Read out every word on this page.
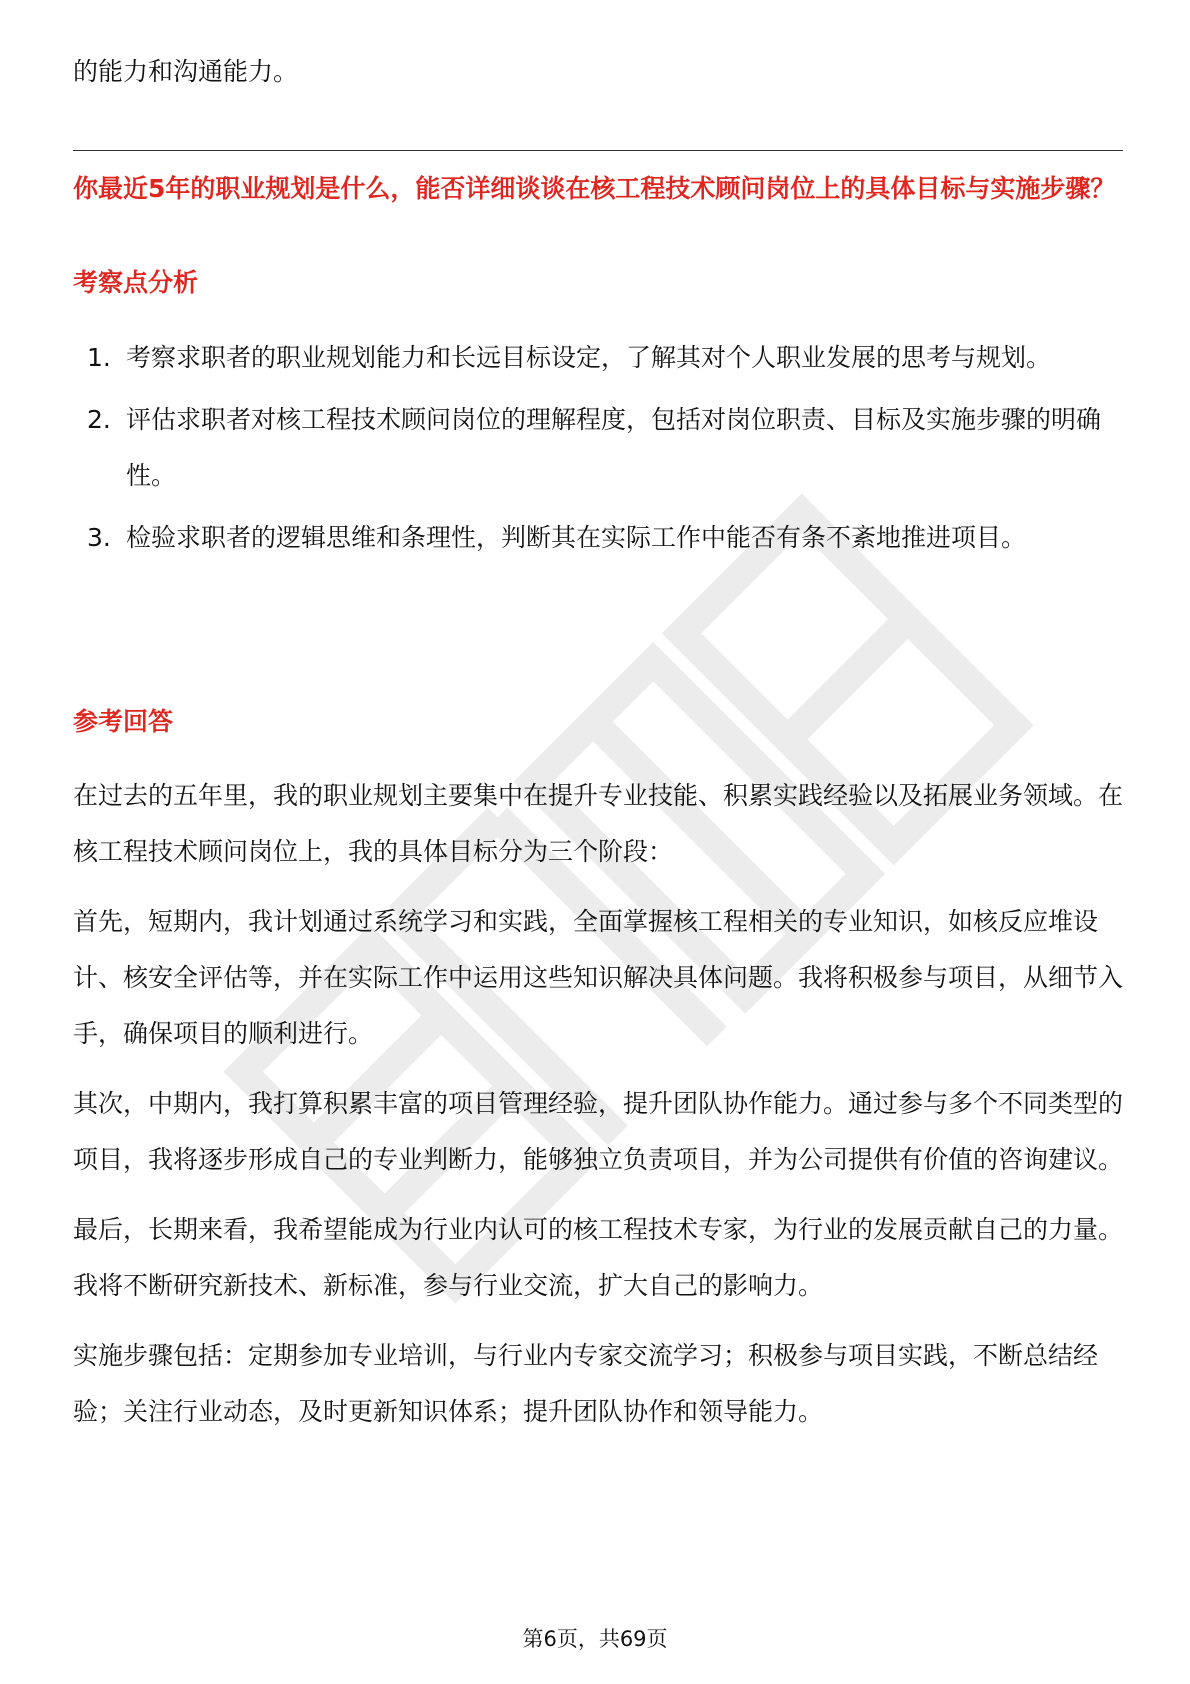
的能力和沟通能力。
你最近5年的职业规划是什么，能否详细谈谈在核工程技术顾问岗位上的具体目标与实施步骤？
考察点分析
1. 考察求职者的职业规划能力和长远目标设定，了解其对个人职业发展的思考与规划。
2. 评估求职者对核工程技术顾问岗位的理解程度，包括对岗位职责、目标及实施步骤的明确性。
3. 检验求职者的逻辑思维和条理性，判断其在实际工作中能否有条不紊地推进项目。
参考回答

在过去的五年里，我的职业规划主要集中在提升专业技能、积累实践经验以及拓展业务领域。在核工程技术顾问岗位上，我的具体目标分为三个阶段：

首先，短期内，我计划通过系统学习和实践，全面掌握核工程相关的专业知识，如核反应堆设计、核安全评估等，并在实际工作中运用这些知识解决具体问题。我将积极参与项目，从细节入手，确保项目的顺利进行。

其次，中期内，我打算积累丰富的项目管理经验，提升团队协作能力。通过参与多个不同类型的项目，我将逐步形成自己的专业判断力，能够独立负责项目，并为公司提供有价值的咨询建议。

最后，长期来看，我希望能成为行业内认可的核工程技术专家，为行业的发展贡献自己的力量。我将不断研究新技术、新标准，参与行业交流，扩大自己的影响力。

实施步骤包括：定期参加专业培训，与行业内专家交流学习；积极参与项目实践，不断总结经验；关注行业动态，及时更新知识体系；提升团队协作和领导能力。

第6页，共69页
